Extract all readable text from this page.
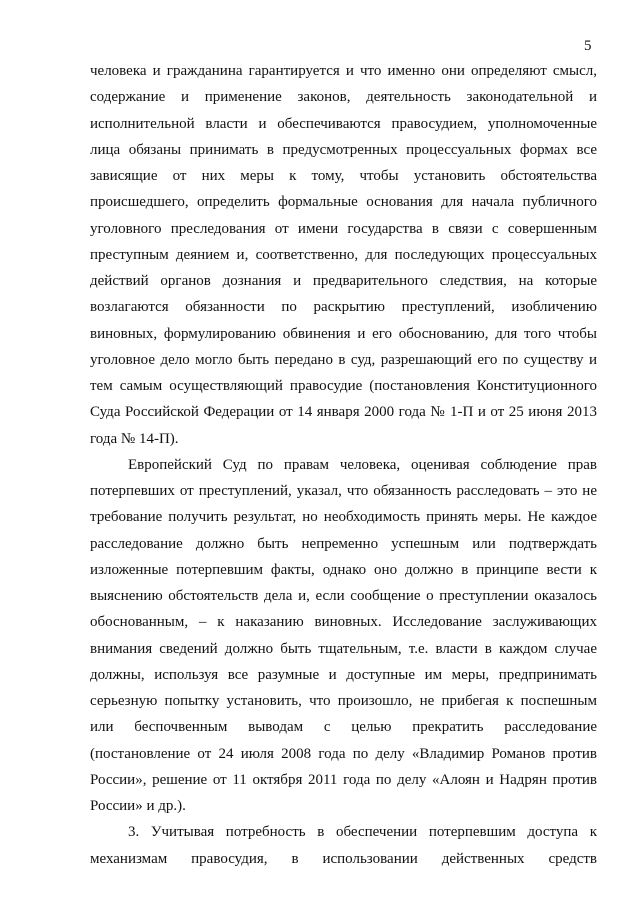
5
человека и гражданина гарантируется и что именно они определяют смысл,
содержание и применение законов, деятельность законодательной и
исполнительной власти и обеспечиваются правосудием, уполномоченные
лица обязаны принимать в предусмотренных процессуальных формах все
зависящие от них меры к тому, чтобы установить обстоятельства
происшедшего, определить формальные основания для начала публичного
уголовного преследования от имени государства в связи с совершенным
преступным деянием и, соответственно, для последующих процессуальных
действий органов дознания и предварительного следствия, на которые
возлагаются обязанности по раскрытию преступлений, изобличению
виновных, формулированию обвинения и его обоснованию, для того чтобы
уголовное дело могло быть передано в суд, разрешающий его по существу и
тем самым осуществляющий правосудие (постановления Конституционного
Суда Российской Федерации от 14 января 2000 года № 1-П и от 25 июня 2013
года № 14-П).
Европейский Суд по правам человека, оценивая соблюдение прав
потерпевших от преступлений, указал, что обязанность расследовать – это не
требование получить результат, но необходимость принять меры. Не каждое
расследование должно быть непременно успешным или подтверждать
изложенные потерпевшим факты, однако оно должно в принципе вести к
выяснению обстоятельств дела и, если сообщение о преступлении оказалось
обоснованным, – к наказанию виновных. Исследование заслуживающих
внимания сведений должно быть тщательным, т.е. власти в каждом случае
должны, используя все разумные и доступные им меры, предпринимать
серьезную попытку установить, что произошло, не прибегая к поспешным
или беспочвенным выводам с целью прекратить расследование
(постановление от 24 июля 2008 года по делу «Владимир Романов против
России», решение от 11 октября 2011 года по делу «Алоян и Надрян против
России» и др.).
3. Учитывая потребность в обеспечении потерпевшим доступа к
механизмам правосудия, в использовании действенных средств
